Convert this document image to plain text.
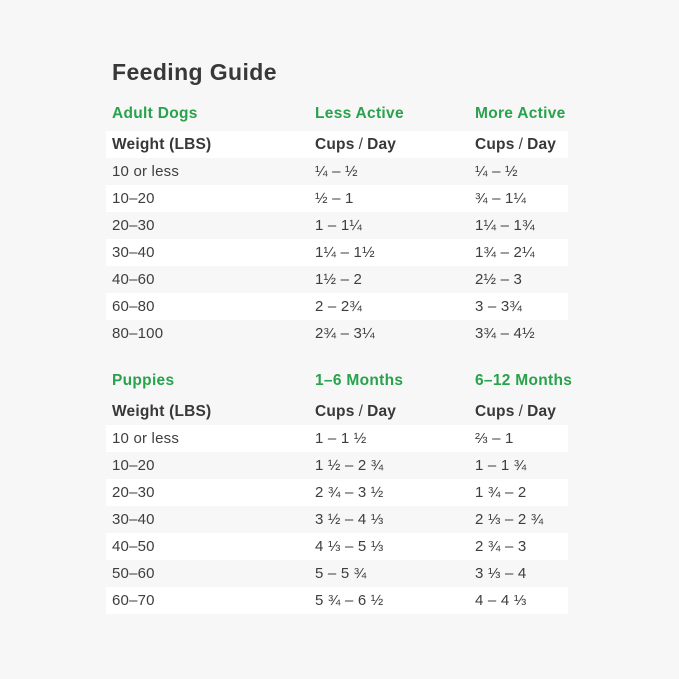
Feeding Guide
Adult Dogs	Less Active	More Active
Weight (LBS)	Cups / Day	Cups / Day
10 or less	¼ – ½	¼ – ½
10–20	½ – 1	¾ – 1¼
20–30	1 – 1¼	1¼ – 1¾
30–40	1¼ – 1½	1¾ – 2¼
40–60	1½ – 2	2½ – 3
60–80	2 – 2¾	3 – 3¾
80–100	2¾ – 3¼	3¾ – 4½
Puppies	1–6 Months	6–12 Months
Weight (LBS)	Cups / Day	Cups / Day
10 or less	1 – 1 ½	⅔ – 1
10–20	1 ½ – 2 ¾	1 – 1 ¾
20–30	2 ¾ – 3 ½	1 ¾ – 2
30–40	3 ½ – 4 ⅓	2 ⅓ – 2 ¾
40–50	4 ⅓ – 5 ⅓	2 ¾ – 3
50–60	5 – 5 ¾	3 ⅓ – 4
60–70	5 ¾ – 6 ½	4 – 4 ⅓
